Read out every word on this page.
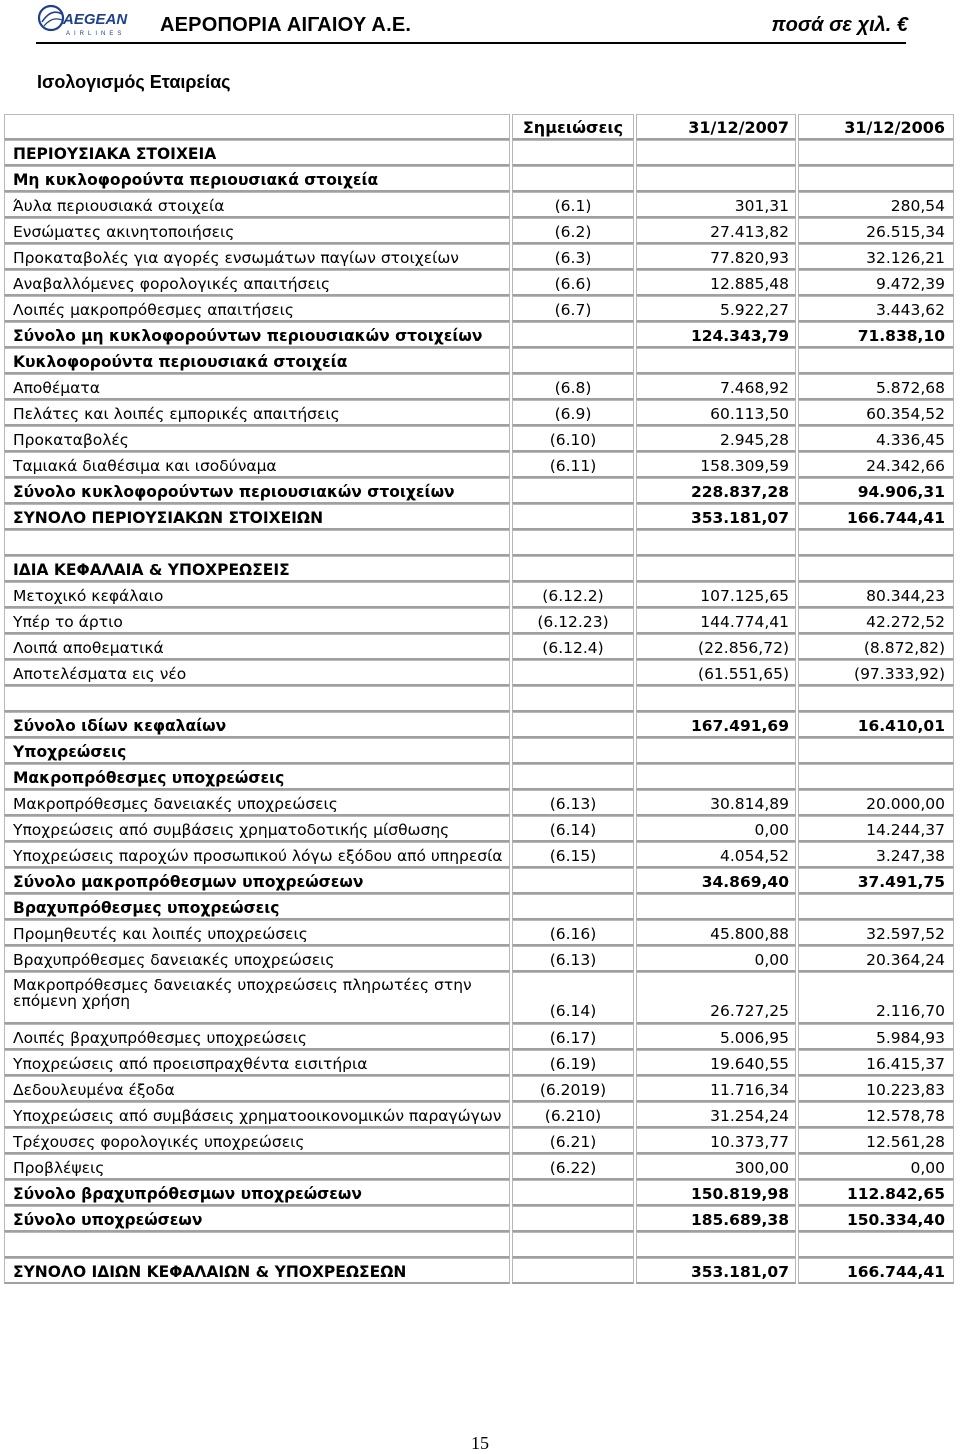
AEGEAN
AIRLINES ΑΕΡΟΠΟΡΙΑ ΑΙΓΑΙΟΥ Α.Ε.	ποσά σε χιλ. €
Ισολογισμός Εταιρείας
Σημειώσεις	31/12/2007	31/12/2006
ΠΕΡΙΟΥΣΙΑΚΑ ΣΤΟΙΧΕΙΑ
Μη κυκλοφορούντα περιουσιακά στοιχεία
Άυλα περιουσιακά στοιχεία	(6.1)	301,31	280,54
Ενσώματες ακινητοποιήσεις	(6.2)	27.413,82	26.515,34
Προκαταβολές για αγορές ενσωμάτων παγίων στοιχείων	(6.3)	77.820,93	32.126,21
Αναβαλλόμενες φορολογικές απαιτήσεις	(6.6)	12.885,48	9.472,39
Λοιπές μακροπρόθεσμες απαιτήσεις	(6.7)	5.922,27	3.443,62
Σύνολο μη κυκλοφορούντων περιουσιακών στοιχείων	124.343,79	71.838,10
Κυκλοφορούντα περιουσιακά στοιχεία
Αποθέματα	(6.8)	7.468,92	5.872,68
Πελάτες και λοιπές εμπορικές απαιτήσεις	(6.9)	60.113,50	60.354,52
Προκαταβολές	(6.10)	2.945,28	4.336,45
Ταμιακά διαθέσιμα και ισοδύναμα	(6.11)	158.309,59	24.342,66
Σύνολο κυκλοφορούντων περιουσιακών στοιχείων	228.837,28	94.906,31
ΣΥΝΟΛΟ ΠΕΡΙΟΥΣΙΑΚΩΝ ΣΤΟΙΧΕΙΩΝ	353.181,07	166.744,41
ΙΔΙΑ ΚΕΦΑΛΑΙΑ & ΥΠΟΧΡΕΩΣΕΙΣ
Μετοχικό κεφάλαιο	(6.12.2)	107.125,65	80.344,23
Υπέρ το άρτιο	(6.12.23)	144.774,41	42.272,52
Λοιπά αποθεματικά	(6.12.4)	(22.856,72)	(8.872,82)
Αποτελέσματα εις νέο	(61.551,65)	(97.333,92)
Σύνολο ιδίων κεφαλαίων	167.491,69	16.410,01
Υποχρεώσεις
Μακροπρόθεσμες υποχρεώσεις
Μακροπρόθεσμες δανειακές υποχρεώσεις	(6.13)	30.814,89	20.000,00
Υποχρεώσεις από συμβάσεις χρηματοδοτικής μίσθωσης	(6.14)	0,00	14.244,37
Υποχρεώσεις παροχών προσωπικού λόγω εξόδου από υπηρεσία	(6.15)	4.054,52	3.247,38
Σύνολο μακροπρόθεσμων υποχρεώσεων	34.869,40	37.491,75
Βραχυπρόθεσμες υποχρεώσεις
Προμηθευτές και λοιπές υποχρεώσεις	(6.16)	45.800,88	32.597,52
Βραχυπρόθεσμες δανειακές υποχρεώσεις	(6.13)	0,00	20.364,24
Μακροπρόθεσμες δανειακές υποχρεώσεις πληρωτέες στην επόμενη χρήση
(6.14)	26.727,25	2.116,70
Λοιπές βραχυπρόθεσμες υποχρεώσεις	(6.17)	5.006,95	5.984,93
Υποχρεώσεις από προεισπραχθέντα εισιτήρια	(6.19)	19.640,55	16.415,37
Δεδουλευμένα έξοδα	(6.2019)	11.716,34	10.223,83
Υποχρεώσεις από συμβάσεις χρηματοοικονομικών παραγώγων	(6.210)	31.254,24	12.578,78
Τρέχουσες φορολογικές υποχρεώσεις	(6.21)	10.373,77	12.561,28
Προβλέψεις	(6.22)	300,00	0,00
Σύνολο βραχυπρόθεσμων υποχρεώσεων	150.819,98	112.842,65
Σύνολο υποχρεώσεων	185.689,38	150.334,40
ΣΥΝΟΛΟ ΙΔΙΩΝ ΚΕΦΑΛΑΙΩΝ & ΥΠΟΧΡΕΩΣΕΩΝ	353.181,07	166.744,41
15
